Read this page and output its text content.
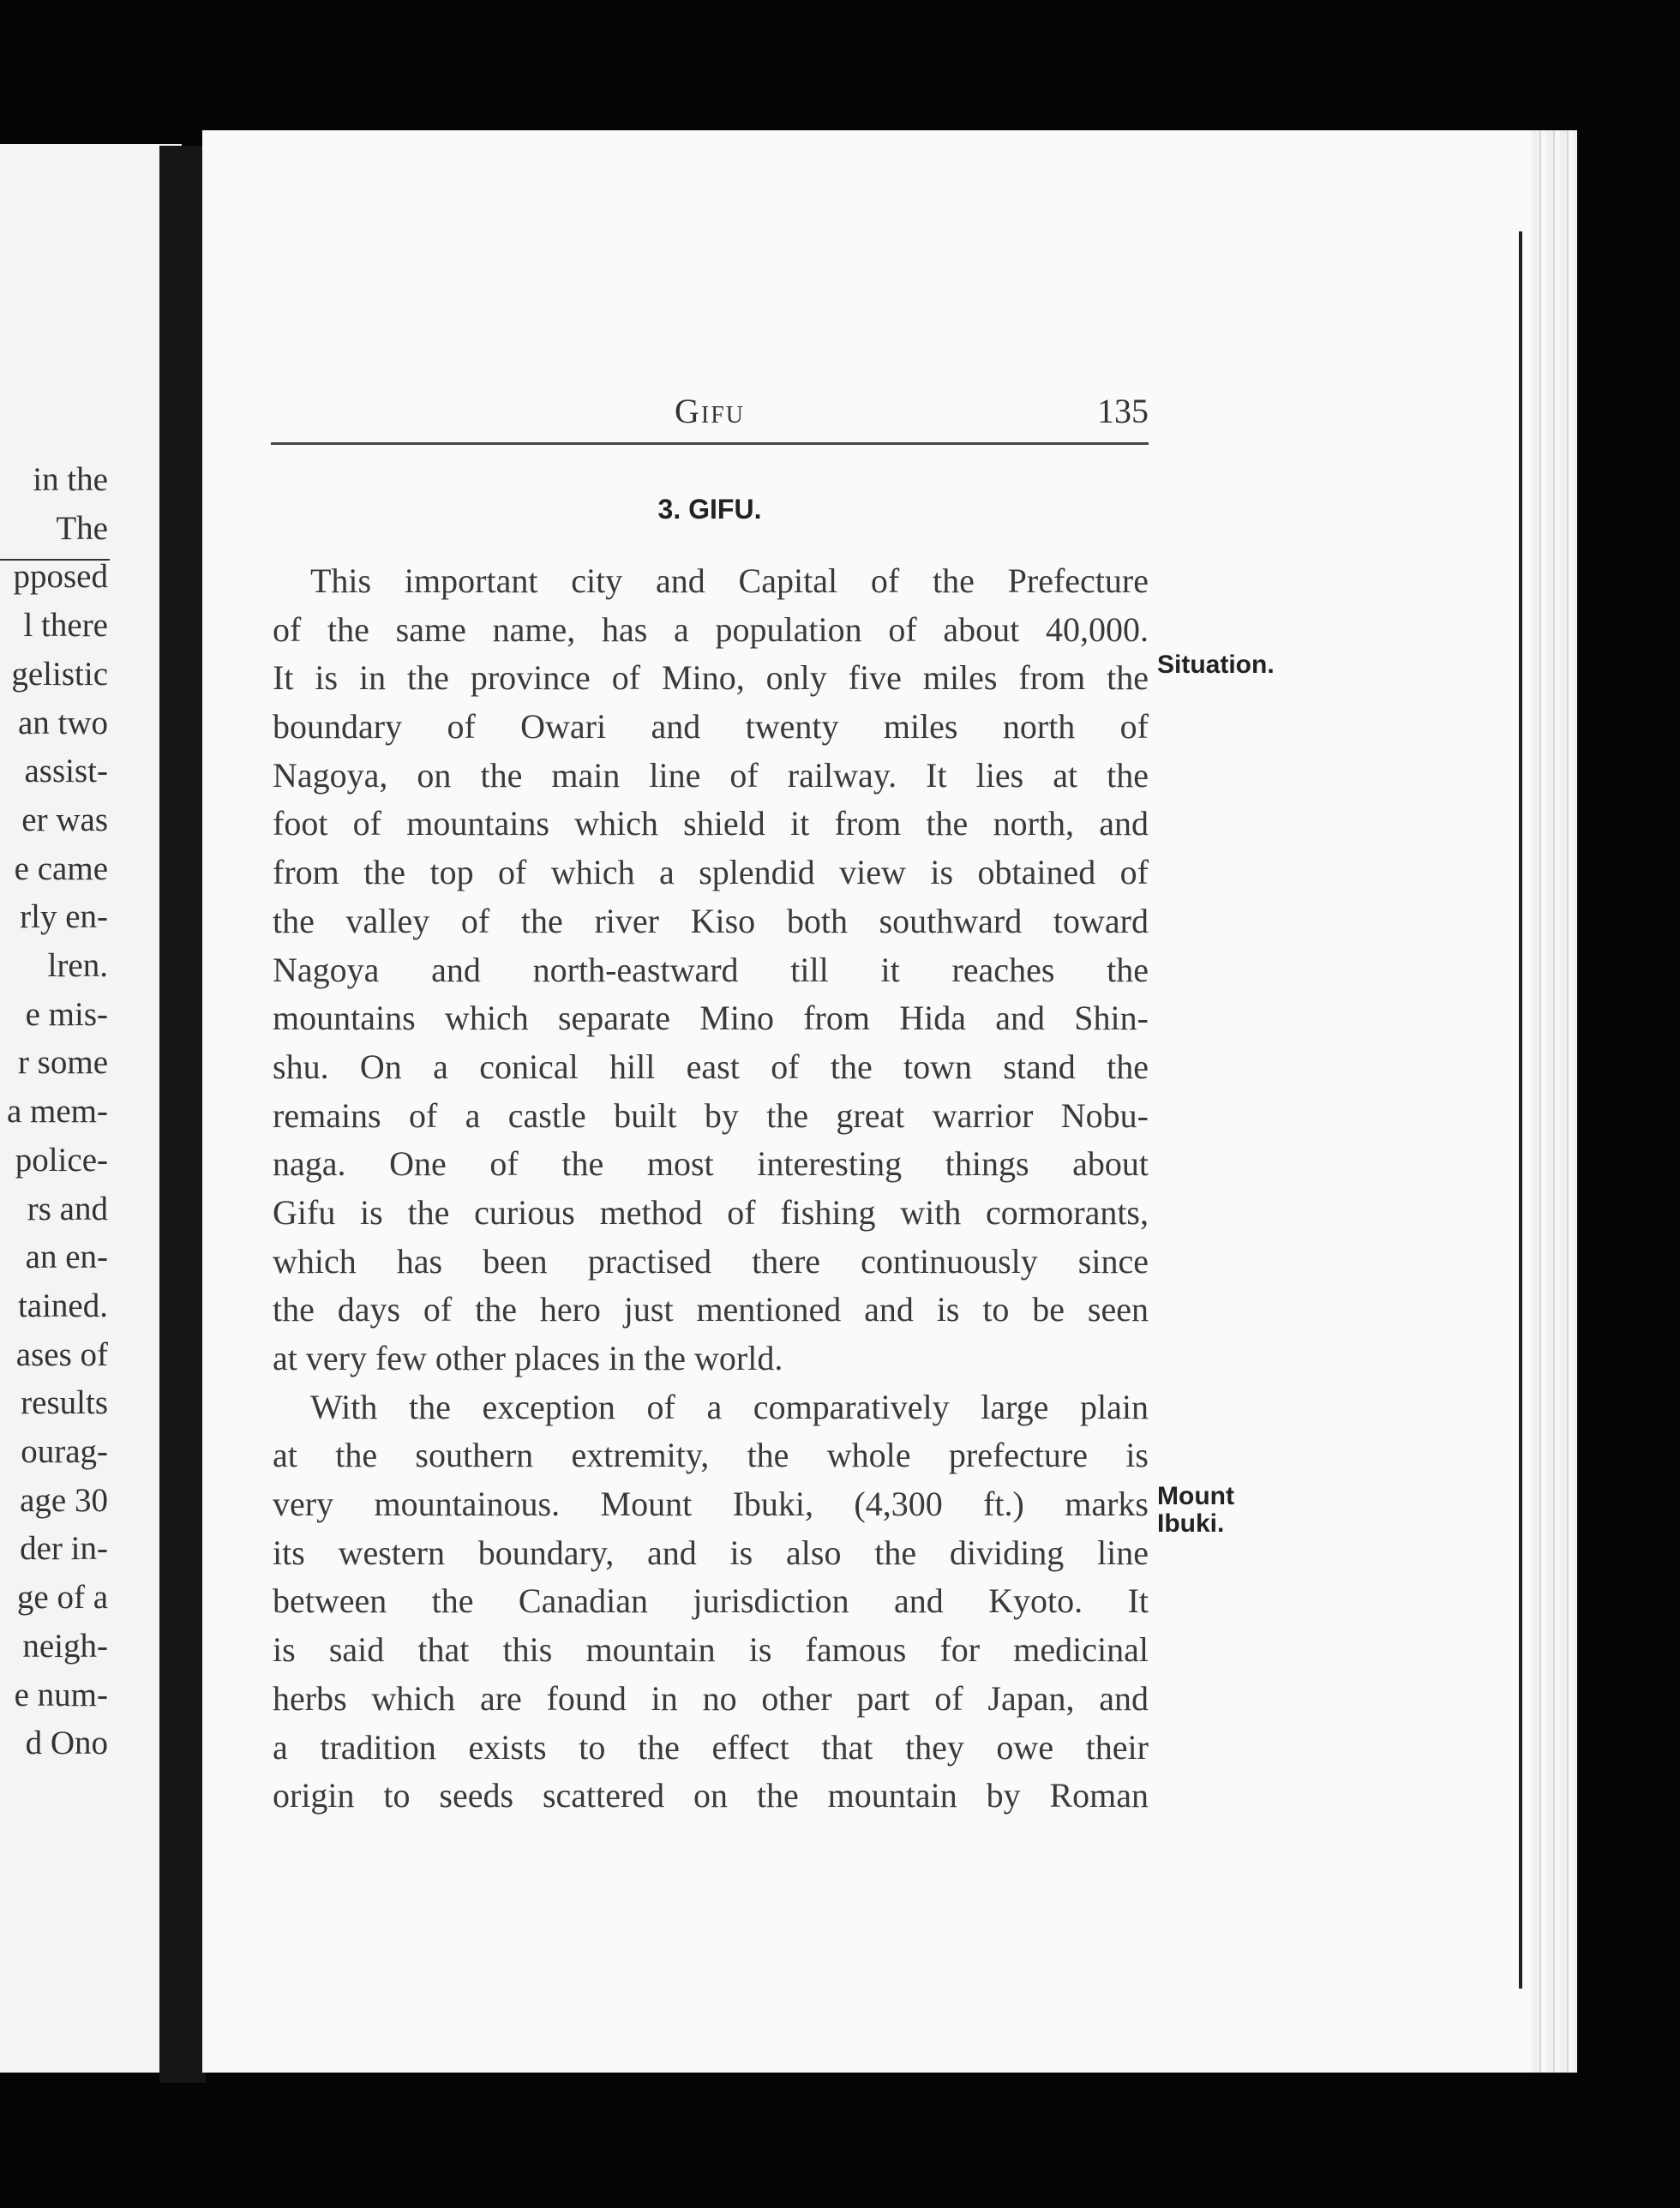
in the
The
pposed
l there
gelistic
an two
assist-
er was
e came
rly en-
lren.
e mis-
r some
a mem-
police-
rs and
an en-
tained.
ases of
results
ourag-
age 30
der in-
ge of a
neigh-
e num-
d Ono
Gifu	135
3. GIFU.
This important city and Capital of the Prefecture
of the same name, has a population of about 40,000.
It is in the province of Mino, only five miles from the
boundary of Owari and twenty miles north of
Nagoya, on the main line of railway. It lies at the
foot of mountains which shield it from the north, and
from the top of which a splendid view is obtained of
the valley of the river Kiso both southward toward
Nagoya and north-eastward till it reaches the
mountains which separate Mino from Hida and Shin-
shu. On a conical hill east of the town stand the
remains of a castle built by the great warrior Nobu-
naga. One of the most interesting things about
Gifu is the curious method of fishing with cormorants,
which has been practised there continuously since
the days of the hero just mentioned and is to be seen
at very few other places in the world.
With the exception of a comparatively large plain
at the southern extremity, the whole prefecture is
very mountainous. Mount Ibuki, (4,300 ft.) marks
its western boundary, and is also the dividing line
between the Canadian jurisdiction and Kyoto. It
is said that this mountain is famous for medicinal
herbs which are found in no other part of Japan, and
a tradition exists to the effect that they owe their
origin to seeds scattered on the mountain by Roman
Situation.
Mount
Ibuki.
